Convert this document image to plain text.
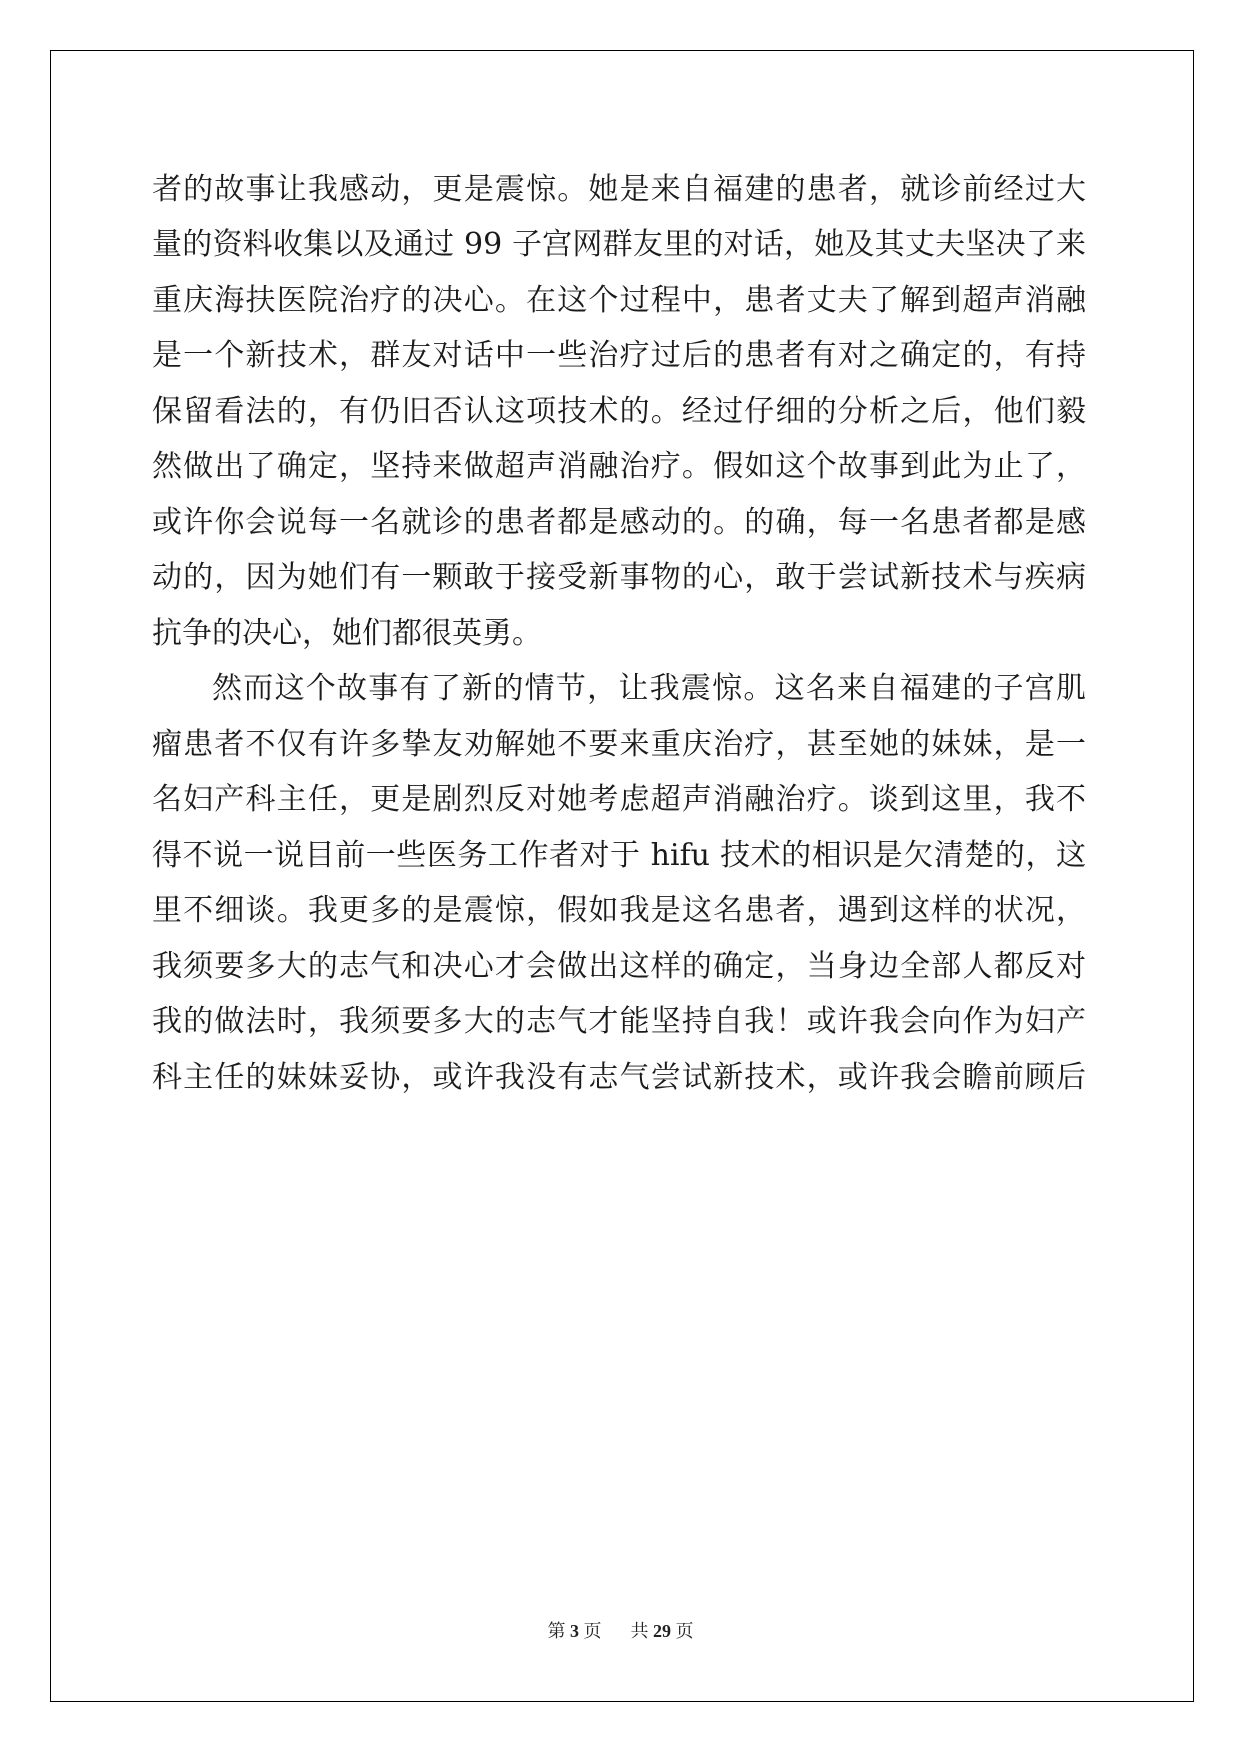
者的故事让我感动，更是震惊。她是来自福建的患者，就诊前经过大
量的资料收集以及通过 99 子宫网群友里的对话，她及其丈夫坚决了来
重庆海扶医院治疗的决心。在这个过程中，患者丈夫了解到超声消融
是一个新技术，群友对话中一些治疗过后的患者有对之确定的，有持
保留看法的，有仍旧否认这项技术的。经过仔细的分析之后，他们毅
然做出了确定，坚持来做超声消融治疗。假如这个故事到此为止了，
或许你会说每一名就诊的患者都是感动的。的确，每一名患者都是感
动的，因为她们有一颗敢于接受新事物的心，敢于尝试新技术与疾病
抗争的决心，她们都很英勇。
然而这个故事有了新的情节，让我震惊。这名来自福建的子宫肌
瘤患者不仅有许多挚友劝解她不要来重庆治疗，甚至她的妹妹，是一
名妇产科主任，更是剧烈反对她考虑超声消融治疗。谈到这里，我不
得不说一说目前一些医务工作者对于 hifu 技术的相识是欠清楚的，这
里不细谈。我更多的是震惊，假如我是这名患者，遇到这样的状况，
我须要多大的志气和决心才会做出这样的确定，当身边全部人都反对
我的做法时，我须要多大的志气才能坚持自我！或许我会向作为妇产
科主任的妹妹妥协，或许我没有志气尝试新技术，或许我会瞻前顾后
第 3 页 共 29 页
